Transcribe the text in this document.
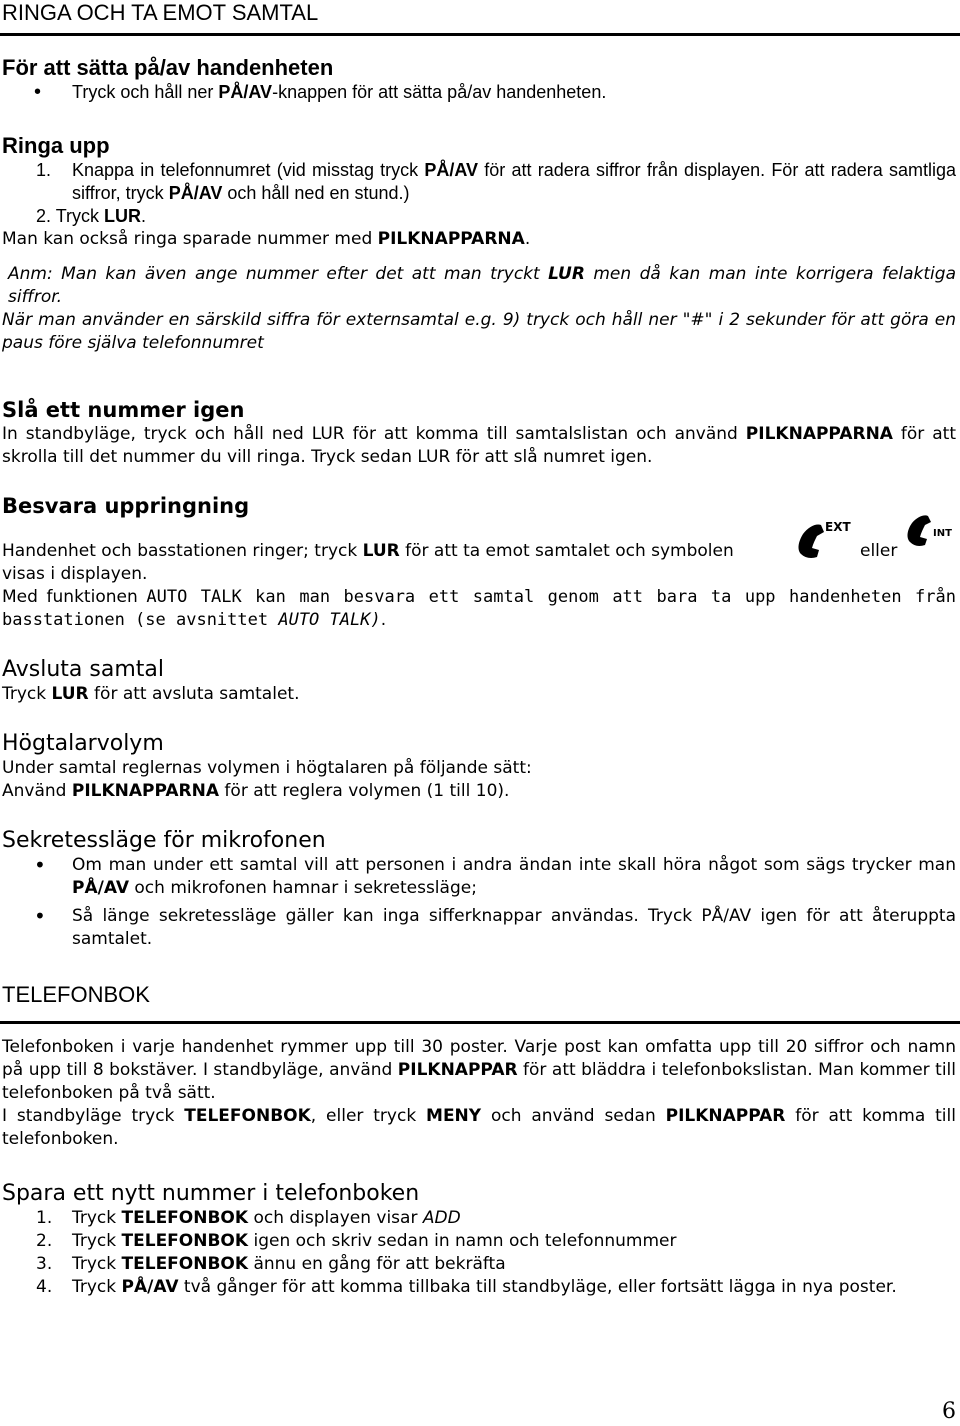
RINGA OCH TA EMOT SAMTAL
För att sätta på/av handenheten
• Tryck och håll ner PÅ/AV-knappen för att sätta på/av handenheten.
Ringa upp
1. Knappa in telefonnumret (vid misstag tryck PÅ/AV för att radera siffror från displayen. För att radera samtliga siffror, tryck PÅ/AV och håll ned en stund.)
2. Tryck LUR.
Man kan också ringa sparade nummer med PILKNAPPARNA.
Anm: Man kan även ange nummer efter det att man tryckt LUR men då kan man inte korrigera felaktiga siffror.
När man använder en särskild siffra för externsamtal e.g. 9) tryck och håll ner "#" i 2 sekunder för att göra en paus före själva telefonnumret
Slå ett nummer igen
In standbyläge, tryck och håll ned LUR för att komma till samtalslistan och använd PILKNAPPARNA för att skrolla till det nummer du vill ringa. Tryck sedan LUR för att slå numret igen.
Besvara uppringning
Handenhet och basstationen ringer; tryck LUR för att ta emot samtalet och symbolen
EXT
eller
INT
visas i displayen.
Med funktionen AUTO TALK kan man besvara ett samtal genom att bara ta upp handenheten från basstationen (se avsnittet AUTO TALK).
Avsluta samtal
Tryck LUR för att avsluta samtalet.
Högtalarvolym
Under samtal reglernas volymen i högtalaren på följande sätt:
Använd PILKNAPPARNA för att reglera volymen (1 till 10).
Sekretessläge för mikrofonen
• Om man under ett samtal vill att personen i andra ändan inte skall höra något som sägs trycker man PÅ/AV och mikrofonen hamnar i sekretessläge;
• Så länge sekretessläge gäller kan inga sifferknappar användas. Tryck PÅ/AV igen för att återuppta samtalet.
TELEFONBOK
Telefonboken i varje handenhet rymmer upp till 30 poster. Varje post kan omfatta upp till 20 siffror och namn på upp till 8 bokstäver. I standbyläge, använd PILKNAPPAR för att bläddra i telefonbokslistan. Man kommer till telefonboken på två sätt.
I standbyläge tryck TELEFONBOK, eller tryck MENY och använd sedan PILKNAPPAR för att komma till telefonboken.
Spara ett nytt nummer i telefonboken
1. Tryck TELEFONBOK och displayen visar ADD
2. Tryck TELEFONBOK igen och skriv sedan in namn och telefonnummer
3. Tryck TELEFONBOK ännu en gång för att bekräfta
4. Tryck PÅ/AV två gånger för att komma tillbaka till standbyläge, eller fortsätt lägga in nya poster.
6
